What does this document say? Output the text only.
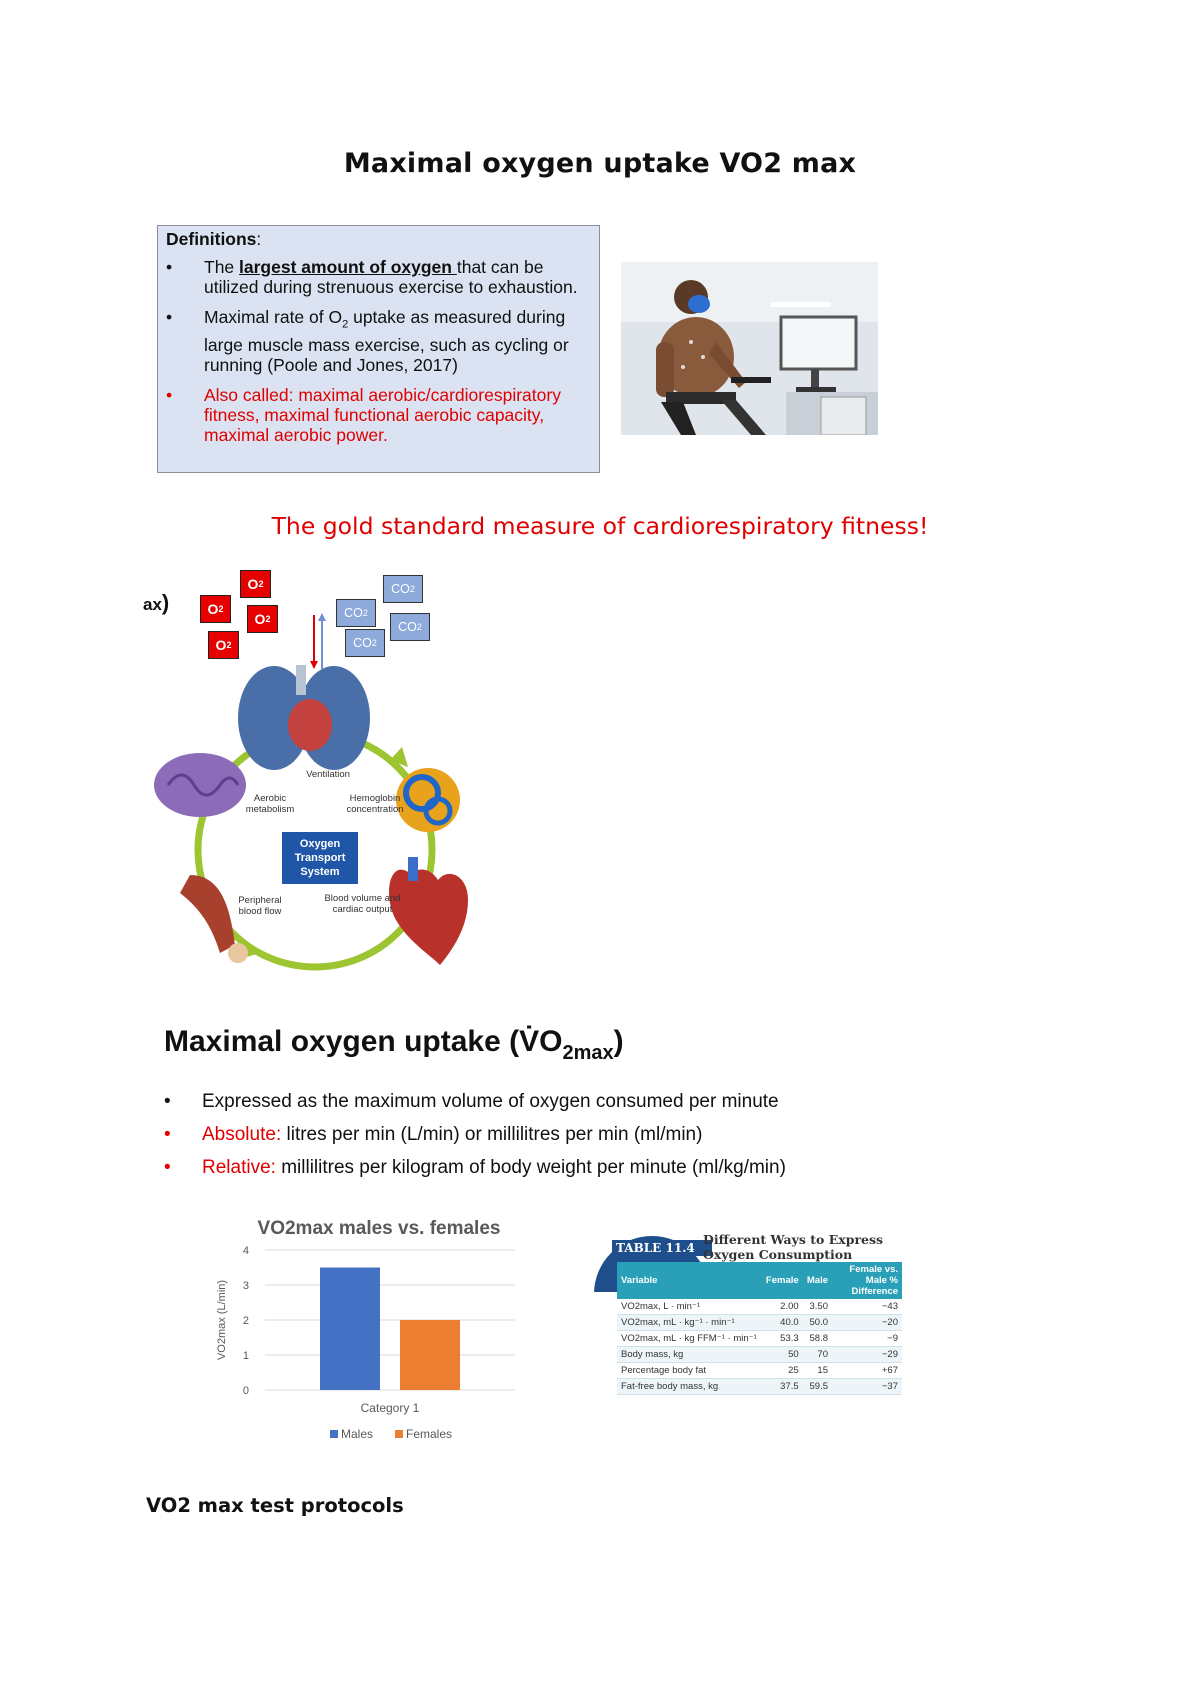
Maximal oxygen uptake VO2 max
Definitions:
• The largest amount of oxygen that can be utilized during strenuous exercise to exhaustion.
• Maximal rate of $O_2$ uptake as measured during large muscle mass exercise, such as cycling or running (Poole and Jones, 2017)
• Also called: maximal aerobic/cardiorespiratory fitness, maximal functional aerobic capacity, maximal aerobic power.
The gold standard measure of cardiorespiratory fitness!
ax)	O 2
O 2
O 2
O 2
CO 2
CO 2
CO 2
CO 2
Ventilation
Aerobic
metabolism
Hemoglobin
concentration
Peripheral
blood flow
Blood volume and
cardiac output
Oxygen
Transport
System
Maximal oxygen uptake $(V̇O_{2max})$
• Expressed as the maximum volume of oxygen consumed per minute
• Absolute: litres per min (L/min) or millilitres per min (ml/min)
• Relative: millilitres per kilogram of body weight per minute (ml/kg/min)
VO2max males vs. females
0
1
2
3
4
VO2max (L/min)
Category 1
Males	Females
TABLE 11.4
Different Ways to Express
Oxygen Consumption
Variable	Female	Male	Female vs. Male % Difference
VO2max, L · min⁻¹	2.00	3.50	−43
VO2max, mL · kg⁻¹ · min⁻¹	40.0	50.0	−20
VO2max, mL · kg FFM⁻¹ · min⁻¹	53.3	58.8	−9
Body mass, kg	50	70	−29
Percentage body fat	25	15	+67
Fat-free body mass, kg	37.5	59.5	−37
VO2 max test protocols
